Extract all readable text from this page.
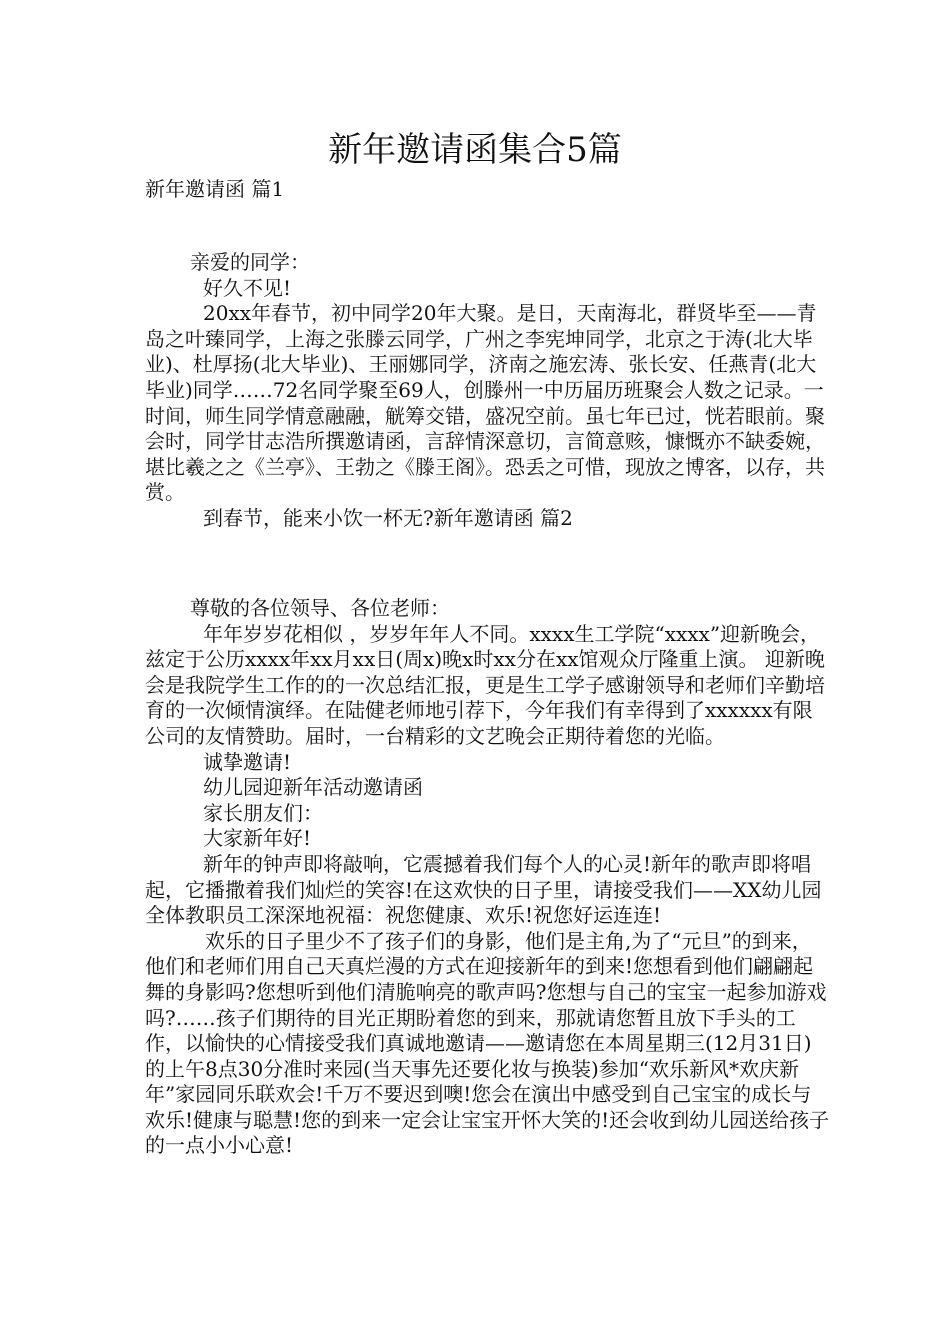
新年邀请函集合5篇
新年邀请函 篇1

亲爱的同学：

好久不见!

20xx年春节，初中同学20年大聚。是日，天南海北，群贤毕至——青岛之叶臻同学，上海之张滕云同学，广州之李宪坤同学，北京之于涛(北大毕业)、杜厚扬(北大毕业)、王丽娜同学，济南之施宏涛、张长安、任燕青(北大毕业)同学……72名同学聚至69人，创滕州一中历届历班聚会人数之记录。一时间，师生同学情意融融，觥筹交错，盛况空前。虽七年已过，恍若眼前。聚会时，同学甘志浩所撰邀请函，言辞情深意切，言简意赅，慷慨亦不缺委婉，堪比羲之之《兰亭》、王勃之《滕王阁》。恐丢之可惜，现放之博客，以存，共赏。

到春节，能来小饮一杯无?新年邀请函 篇2

尊敬的各位领导、各位老师：

年年岁岁花相似 ，岁岁年年人不同。xxxx生工学院“xxxx”迎新晚会，兹定于公历xxxx年xx月xx日(周x)晚x时xx分在xx馆观众厅隆重上演。 迎新晚会是我院学生工作的的一次总结汇报，更是生工学子感谢领导和老师们辛勤培育的一次倾情演绎。在陆健老师地引荐下，今年我们有幸得到了xxxxxx有限公司的友情赞助。届时，一台精彩的文艺晚会正期待着您的光临。

诚挚邀请!

幼儿园迎新年活动邀请函

家长朋友们：

大家新年好!

新年的钟声即将敲响，它震撼着我们每个人的心灵!新年的歌声即将唱起，它播撒着我们灿烂的笑容!在这欢快的日子里，请接受我们——XX幼儿园全体教职员工深深地祝福：祝您健康、欢乐!祝您好运连连!

欢乐的日子里少不了孩子们的身影，他们是主角,为了“元旦”的到来，他们和老师们用自己天真烂漫的方式在迎接新年的到来!您想看到他们翩翩起舞的身影吗?您想听到他们清脆响亮的歌声吗?您想与自己的宝宝一起参加游戏吗?……孩子们期待的目光正期盼着您的到来，那就请您暂且放下手头的工作，以愉快的心情接受我们真诚地邀请——邀请您在本周星期三(12月31日)的上午8点30分准时来园(当天事先还要化妆与换装)参加“欢乐新风*欢庆新年”家园同乐联欢会!千万不要迟到噢!您会在演出中感受到自己宝宝的成长与欢乐!健康与聪慧!您的到来一定会让宝宝开怀大笑的!还会收到幼儿园送给孩子的一点小小心意!
